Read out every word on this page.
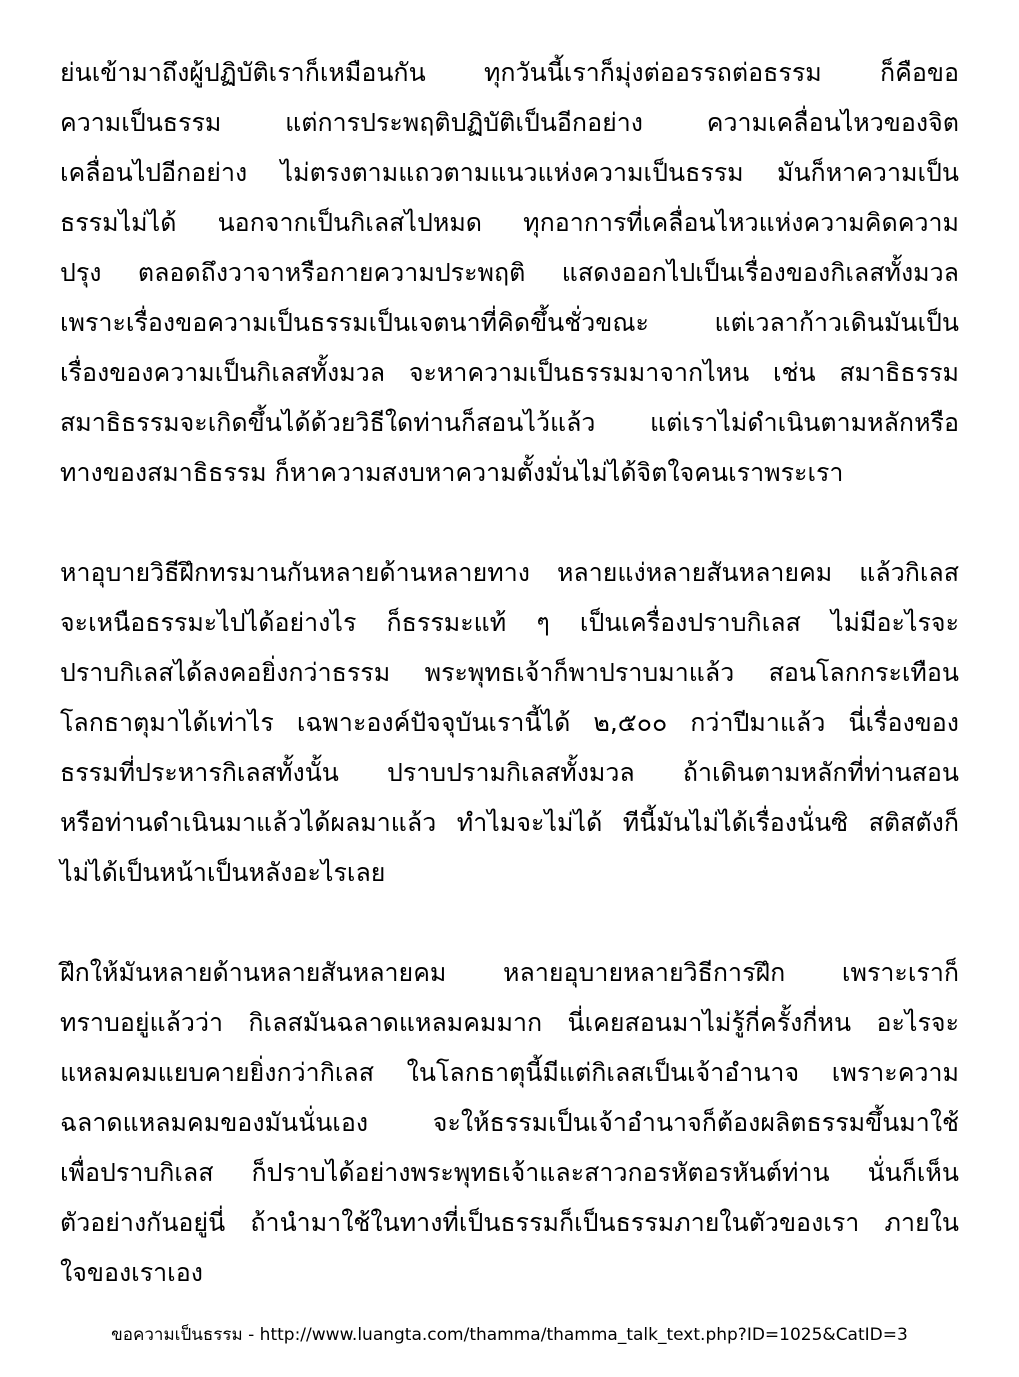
ย่นเข้ามาถึงผู้ปฏิบัติเราก็เหมือนกัน ทุกวันนี้เราก็มุ่งต่ออรรถต่อธรรม ก็คือขอ
ความเป็นธรรม แต่การประพฤติปฏิบัติเป็นอีกอย่าง ความเคลื่อนไหวของจิต
เคลื่อนไปอีกอย่าง ไม่ตรงตามแถวตามแนวแห่งความเป็นธรรม มันก็หาความเป็น
ธรรมไม่ได้ นอกจากเป็นกิเลสไปหมด ทุกอาการที่เคลื่อนไหวแห่งความคิดความ
ปรุง ตลอดถึงวาจาหรือกายความประพฤติ แสดงออกไปเป็นเรื่องของกิเลสทั้งมวล
เพราะเรื่องขอความเป็นธรรมเป็นเจตนาที่คิดขึ้นชั่วขณะ แต่เวลาก้าวเดินมันเป็น
เรื่องของความเป็นกิเลสทั้งมวล จะหาความเป็นธรรมมาจากไหน เช่น สมาธิธรรม
สมาธิธรรมจะเกิดขึ้นได้ด้วยวิธีใดท่านก็สอนไว้แล้ว แต่เราไม่ดำเนินตามหลักหรือ
ทางของสมาธิธรรม ก็หาความสงบหาความตั้งมั่นไม่ได้จิตใจคนเราพระเรา
หาอุบายวิธีฝึกทรมานกันหลายด้านหลายทาง หลายแง่หลายสันหลายคม แล้วกิเลส
จะเหนือธรรมะไปได้อย่างไร ก็ธรรมะแท้ ๆ เป็นเครื่องปราบกิเลส ไม่มีอะไรจะ
ปราบกิเลสได้ลงคอยิ่งกว่าธรรม พระพุทธเจ้าก็พาปราบมาแล้ว สอนโลกกระเทือน
โลกธาตุมาได้เท่าไร เฉพาะองค์ปัจจุบันเรานี้ได้ ๒,๕๐๐ กว่าปีมาแล้ว นี่เรื่องของ
ธรรมที่ประหารกิเลสทั้งนั้น ปราบปรามกิเลสทั้งมวล ถ้าเดินตามหลักที่ท่านสอน
หรือท่านดำเนินมาแล้วได้ผลมาแล้ว ทำไมจะไม่ได้ ทีนี้มันไม่ได้เรื่องนั่นซิ สติสตังก็
ไม่ได้เป็นหน้าเป็นหลังอะไรเลย
ฝึกให้มันหลายด้านหลายสันหลายคม หลายอุบายหลายวิธีการฝึก เพราะเราก็
ทราบอยู่แล้วว่า กิเลสมันฉลาดแหลมคมมาก นี่เคยสอนมาไม่รู้กี่ครั้งกี่หน อะไรจะ
แหลมคมแยบคายยิ่งกว่ากิเลส ในโลกธาตุนี้มีแต่กิเลสเป็นเจ้าอำนาจ เพราะความ
ฉลาดแหลมคมของมันนั่นเอง จะให้ธรรมเป็นเจ้าอำนาจก็ต้องผลิตธรรมขึ้นมาใช้
เพื่อปราบกิเลส ก็ปราบได้อย่างพระพุทธเจ้าและสาวกอรหัตอรหันต์ท่าน นั่นก็เห็น
ตัวอย่างกันอยู่นี่ ถ้านำมาใช้ในทางที่เป็นธรรมก็เป็นธรรมภายในตัวของเรา ภายใน
ใจของเราเอง
ขอความเป็นธรรม - http://www.luangta.com/thamma/thamma_talk_text.php?ID=1025&CatID=3
